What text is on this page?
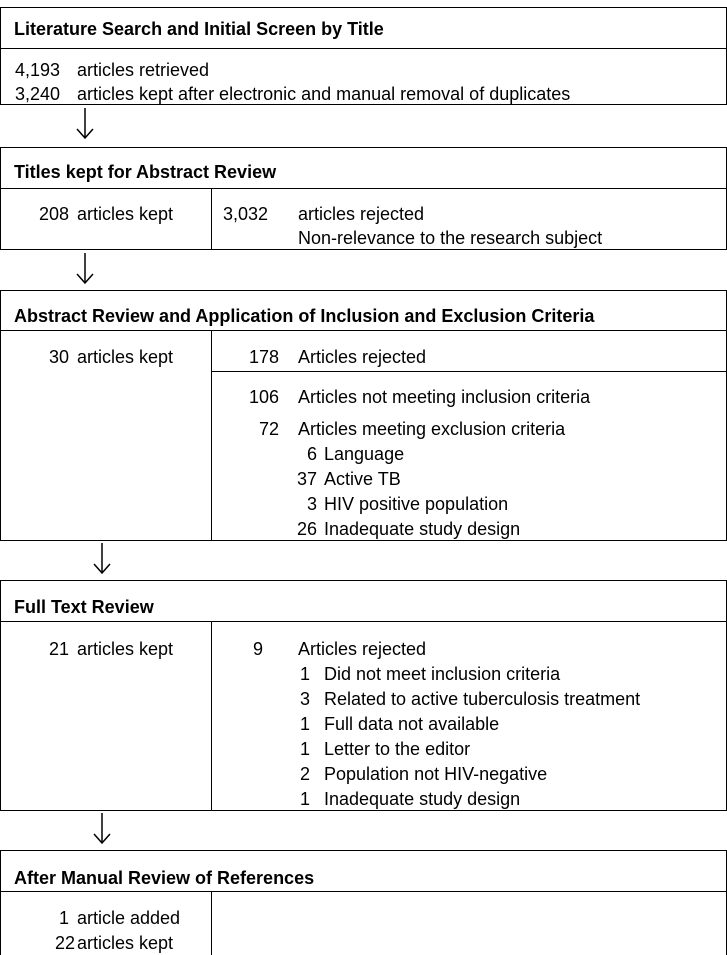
Literature Search and Initial Screen by Title
4,193 articles retrieved
3,240 articles kept after electronic and manual removal of duplicates
Titles kept for Abstract Review
208 articles kept	3,032 articles rejected
Non-relevance to the research subject
Abstract Review and Application of Inclusion and Exclusion Criteria
30 articles kept	178 Articles rejected
106 Articles not meeting inclusion criteria
72 Articles meeting exclusion criteria
6 Language
37 Active TB
3 HIV positive population
26 Inadequate study design
Full Text Review
21 articles kept	9 Articles rejected
1 Did not meet inclusion criteria
3 Related to active tuberculosis treatment
1 Full data not available
1 Letter to the editor
2 Population not HIV-negative
1 Inadequate study design
After Manual Review of References
1 article added
22 articles kept
